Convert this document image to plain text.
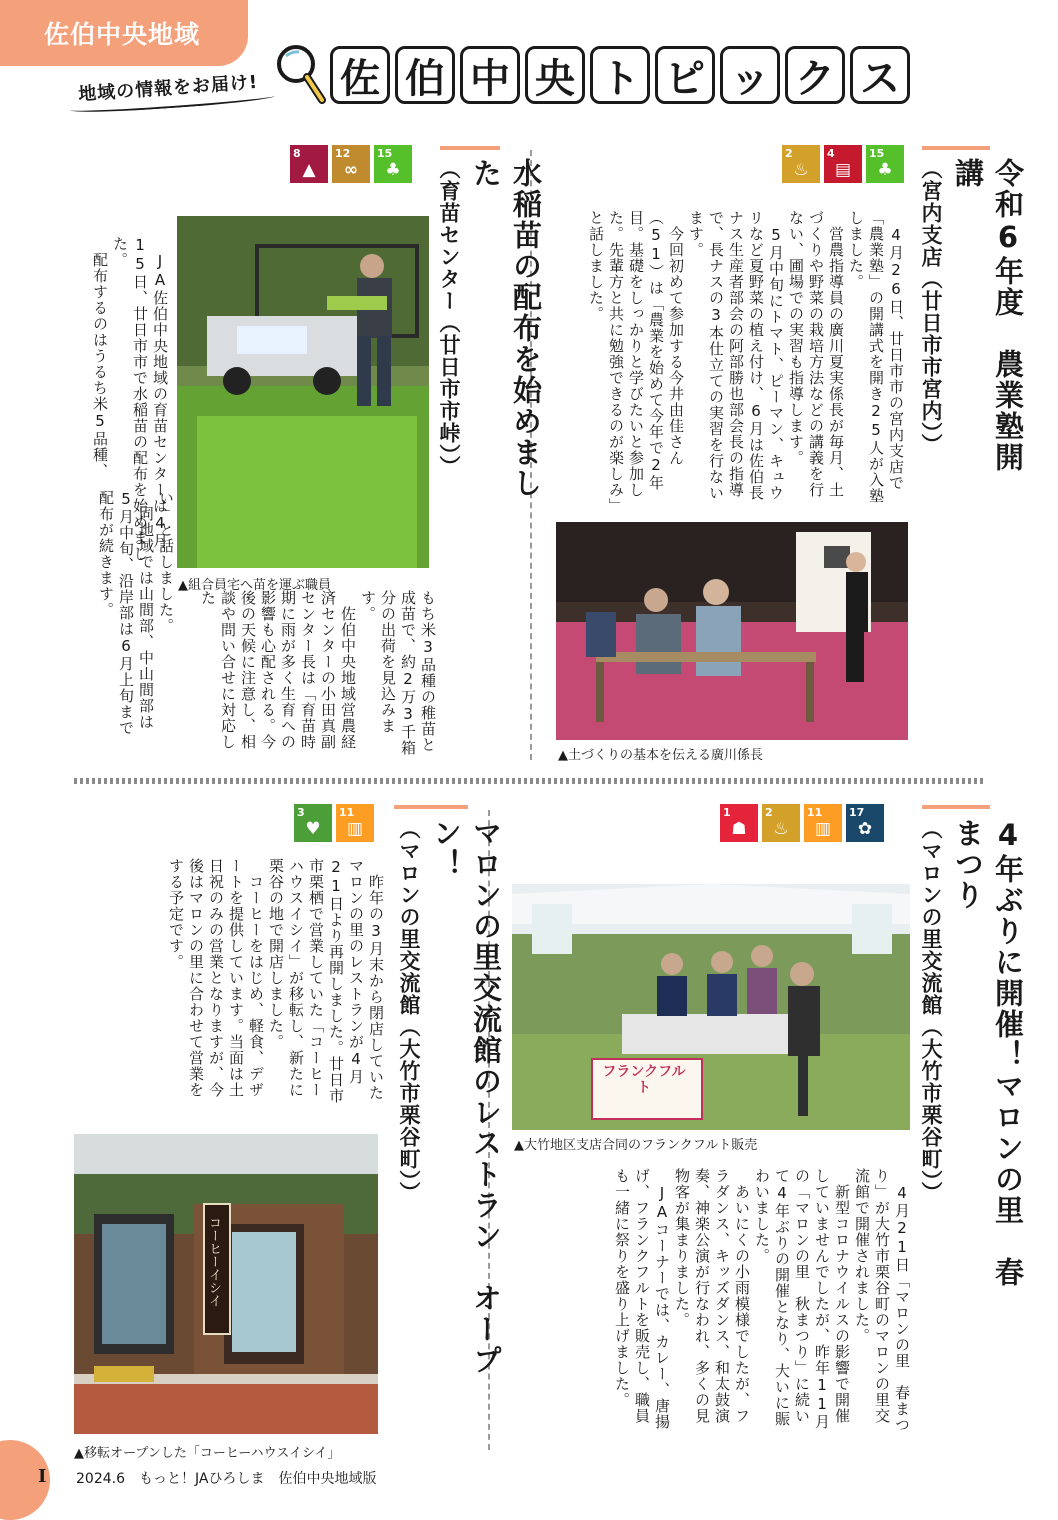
佐伯中央地域
地域の情報をお届け! 佐 伯 中 央 ト ピ ッ ク ス
2
♨
4
▤
15
♣	令和6年度　農業塾開講
（宮内支店（廿日市市宮内））
　4月26日、廿日市市の宮内支店で「農業塾」の開講式を開き25人が入塾しました。
　営農指導員の廣川夏実係長が毎月、土づくりや野菜の栽培方法などの講義を行ない、圃場での実習も指導します。
　5月中旬にトマト、ピーマン、キュウリなど夏野菜の植え付け、6月は佐伯長ナス生産者部会の阿部勝也部会長の指導で、長ナスの3本仕立ての実習を行ないます。
　今回初めて参加する今井由佳さん（51）は「農業を始めて今年で2年目。基礎をしっかりと学びたいと参加した。先輩方と共に勉強できるのが楽しみ」と話しました。
▲土づくりの基本を伝える廣川係長
8
▲
12
∞
15
♣	水稲苗の配布を始めました
（育苗センター（廿日市市峠））
▲組合員宅へ苗を運ぶ職員
　JA佐伯中央地域の育苗センターは4月15日、廿日市市で水稲苗の配布を始めました。
　配布するのはうるち米5品種、
もち米3品種の稚苗と成苗で、約2万3千箱分の出荷を見込みます。
　佐伯中央地域営農経済センターの小田真副センター長は「育苗時期に雨が多く生育への影響も心配される。今後の天候に注意し、相談や問い合せに対応した
い」と話しました。
　同地域では山間部、中山間部は5月中旬、沿岸部は6月上旬まで配布が続きます。
1
☗
2
♨
11
▥
17
✿	4年ぶりに開催！マロンの里　春まつり
（マロンの里交流館（大竹市栗谷町））
フランクフルト
▲大竹地区支店合同のフランクフルト販売
　4月21日「マロンの里　春まつり」が大竹市栗谷町のマロンの里交流館で開催されました。
　新型コロナウイルスの影響で開催していませんでしたが、昨年11月の「マロンの里　秋まつり」に続いて4年ぶりの開催となり、大いに賑わいました。
　あいにくの小雨模様でしたが、フラダンス、キッズダンス、和太鼓演奏、神楽公演が行なわれ、多くの見物客が集まりました。
　JAコーナーでは、カレー、唐揚げ、フランクフルトを販売し、職員も一緒に祭りを盛り上げました。
3
♥
11
▥	マロンの里交流館のレストラン　オープン！
（マロンの里交流館（大竹市栗谷町））
　昨年の3月末から閉店していたマロンの里のレストランが4月21日より再開しました。廿日市市栗栖で営業していた「コーヒーハウスイシイ」が移転し、新たに栗谷の地で開店しました。
　コーヒーをはじめ、軽食、デザートを提供しています。当面は土日祝のみの営業となりますが、今後はマロンの里に合わせて営業をする予定です。
コーヒーイシイ
▲移転オープンした「コーヒーハウスイシイ」
I 2024.6　もっと！JAひろしま　佐伯中央地域版
